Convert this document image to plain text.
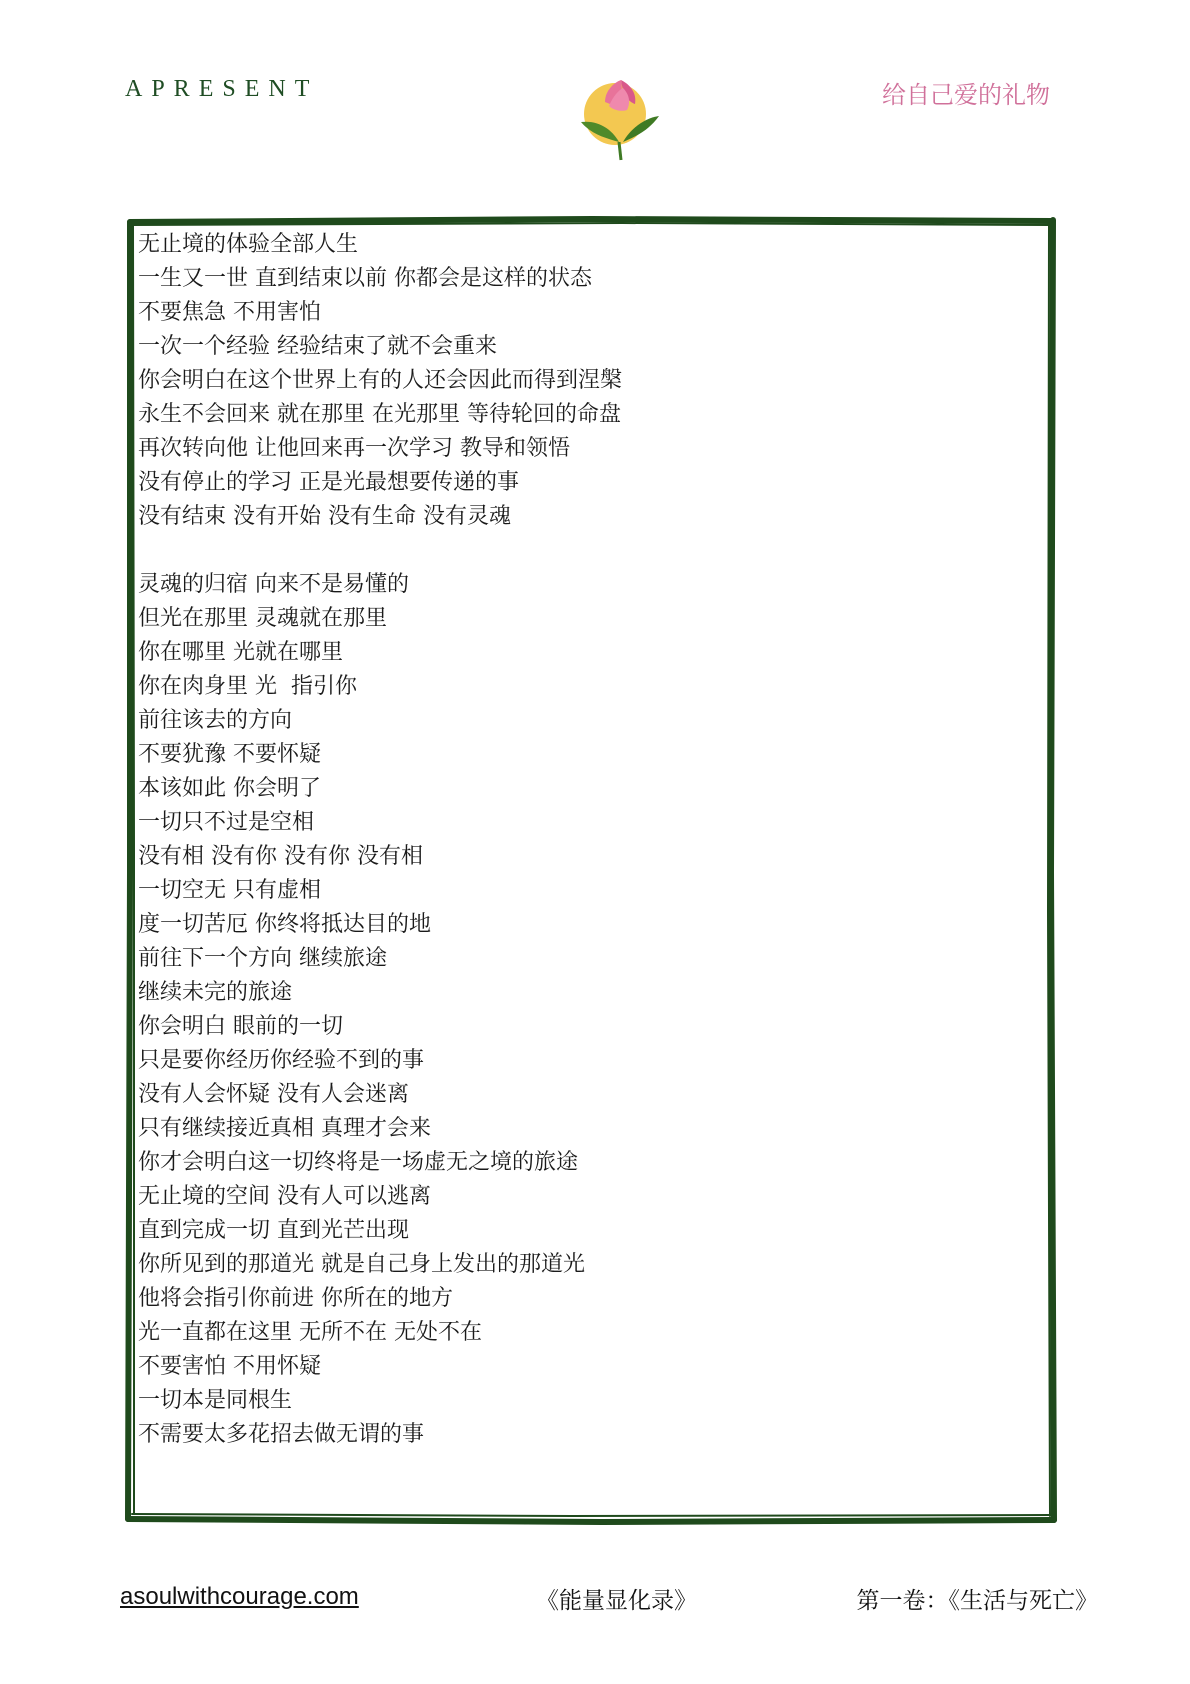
APRESENT	给自己爱的礼物
无止境的体验全部人生
一生又一世 直到结束以前 你都会是这样的状态
不要焦急 不用害怕
一次一个经验 经验结束了就不会重来
你会明白在这个世界上有的人还会因此而得到涅槃
永生不会回来 就在那里 在光那里 等待轮回的命盘
再次转向他 让他回来再一次学习 教导和领悟
没有停止的学习 正是光最想要传递的事
没有结束 没有开始 没有生命 没有灵魂
灵魂的归宿 向来不是易懂的
但光在那里 灵魂就在那里
你在哪里 光就在哪里
你在肉身里 光  指引你
前往该去的方向
不要犹豫 不要怀疑
本该如此 你会明了
一切只不过是空相
没有相 没有你 没有你 没有相
一切空无 只有虚相
度一切苦厄 你终将抵达目的地
前往下一个方向 继续旅途
继续未完的旅途
你会明白 眼前的一切
只是要你经历你经验不到的事
没有人会怀疑 没有人会迷离
只有继续接近真相 真理才会来
你才会明白这一切终将是一场虚无之境的旅途
无止境的空间 没有人可以逃离
直到完成一切 直到光芒出现
你所见到的那道光 就是自己身上发出的那道光
他将会指引你前进 你所在的地方
光一直都在这里 无所不在 无处不在
不要害怕 不用怀疑
一切本是同根生
不需要太多花招去做无谓的事
asoulwithcourage.com	《能量显化录》	第一卷：《生活与死亡》
